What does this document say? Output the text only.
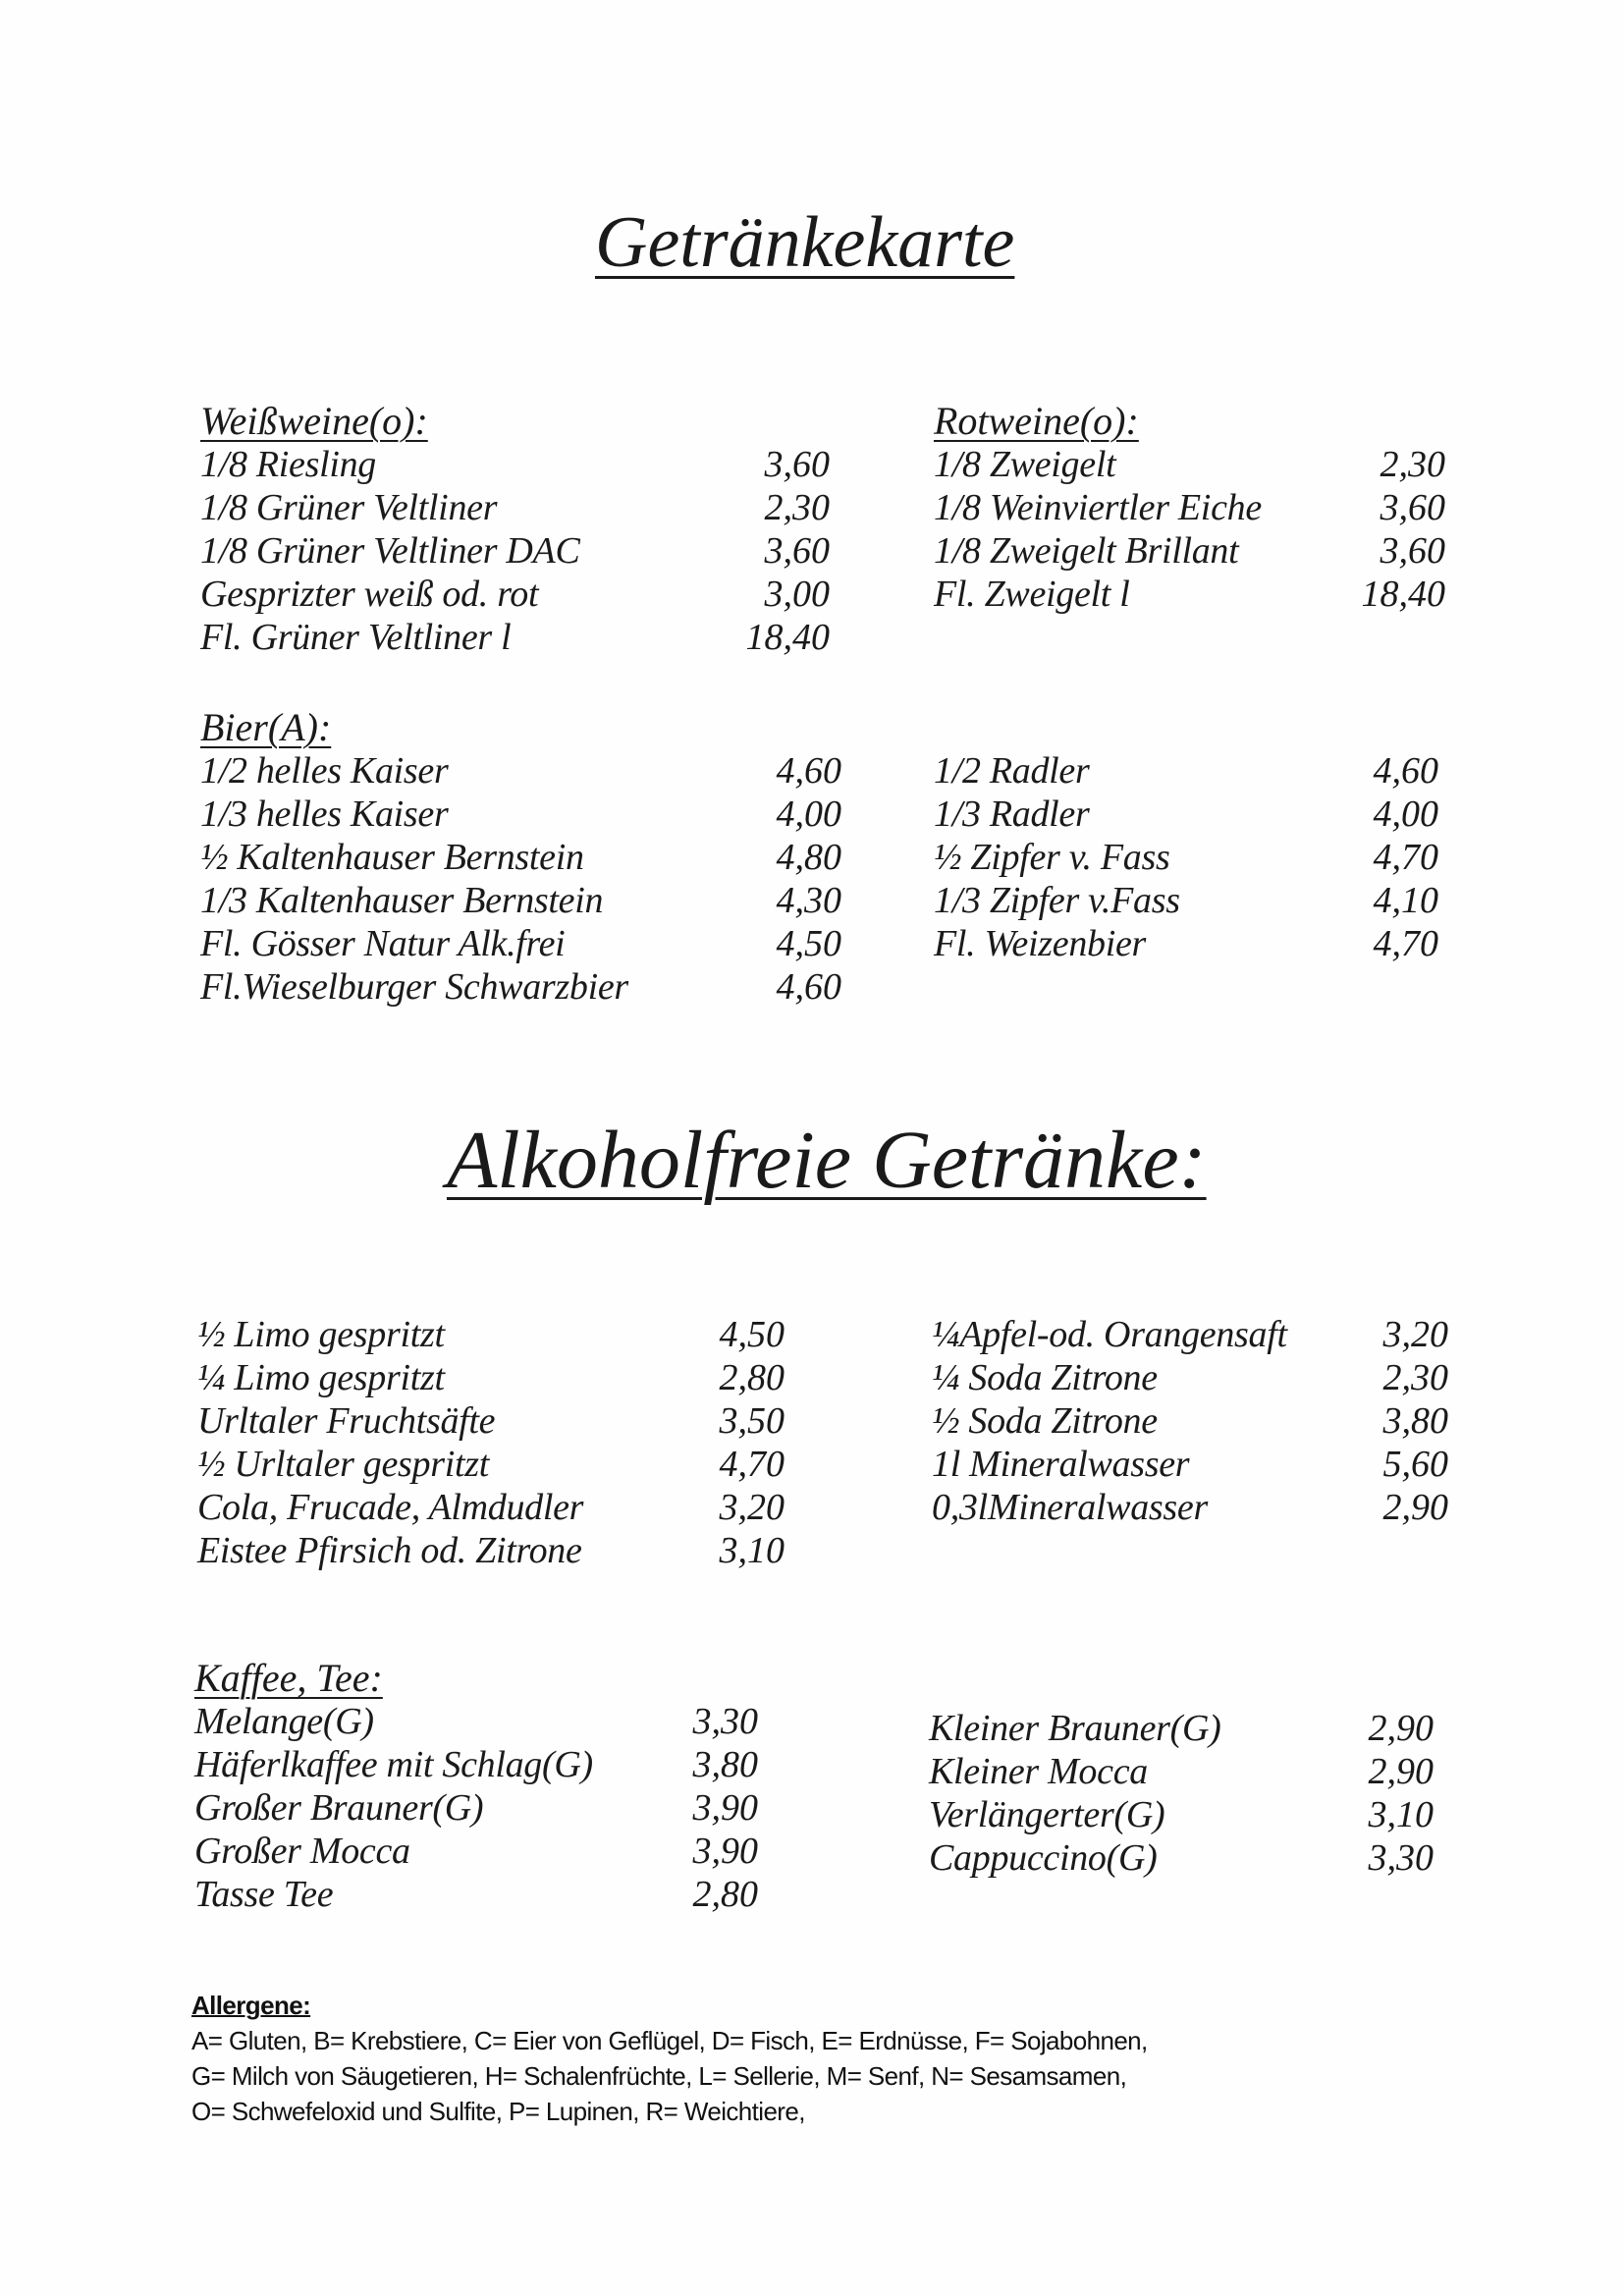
Getränkekarte
Alkoholfreie Getränke:
Weißweine(o):
1/8 Riesling	3,60
1/8 Grüner Veltliner	2,30
1/8 Grüner Veltliner DAC	3,60
Gesprizter weiß od. rot	3,00
Fl. Grüner Veltliner l	18,40
Rotweine(o):
1/8 Zweigelt	2,30
1/8 Weinviertler Eiche	3,60
1/8 Zweigelt Brillant	3,60
Fl. Zweigelt l	18,40
Bier(A):
1/2 helles Kaiser	4,60
1/3 helles Kaiser	4,00
½ Kaltenhauser Bernstein	4,80
1/3 Kaltenhauser Bernstein	4,30
Fl. Gösser Natur Alk.frei	4,50
Fl.Wieselburger Schwarzbier	4,60
1/2 Radler	4,60
1/3 Radler	4,00
½ Zipfer v. Fass	4,70
1/3 Zipfer v.Fass	4,10
Fl. Weizenbier	4,70
½ Limo gespritzt	4,50
¼ Limo gespritzt	2,80
Urltaler Fruchtsäfte	3,50
½ Urltaler gespritzt	4,70
Cola, Frucade, Almdudler	3,20
Eistee Pfirsich od. Zitrone	3,10
¼Apfel-od. Orangensaft	3,20
¼ Soda Zitrone	2,30
½ Soda Zitrone	3,80
1l Mineralwasser	5,60
0,3lMineralwasser	2,90
Kaffee, Tee:
Melange(G)	3,30
Häferlkaffee mit Schlag(G)	3,80
Großer Brauner(G)	3,90
Großer Mocca	3,90
Tasse Tee	2,80
Kleiner Brauner(G)	2,90
Kleiner Mocca	2,90
Verlängerter(G)	3,10
Cappuccino(G)	3,30
Allergene:
A= Gluten, B= Krebstiere, C= Eier von Geflügel, D= Fisch, E= Erdnüsse, F= Sojabohnen,
G= Milch von Säugetieren, H= Schalenfrüchte, L= Sellerie, M= Senf, N= Sesamsamen,
O= Schwefeloxid und Sulfite, P= Lupinen, R= Weichtiere,
